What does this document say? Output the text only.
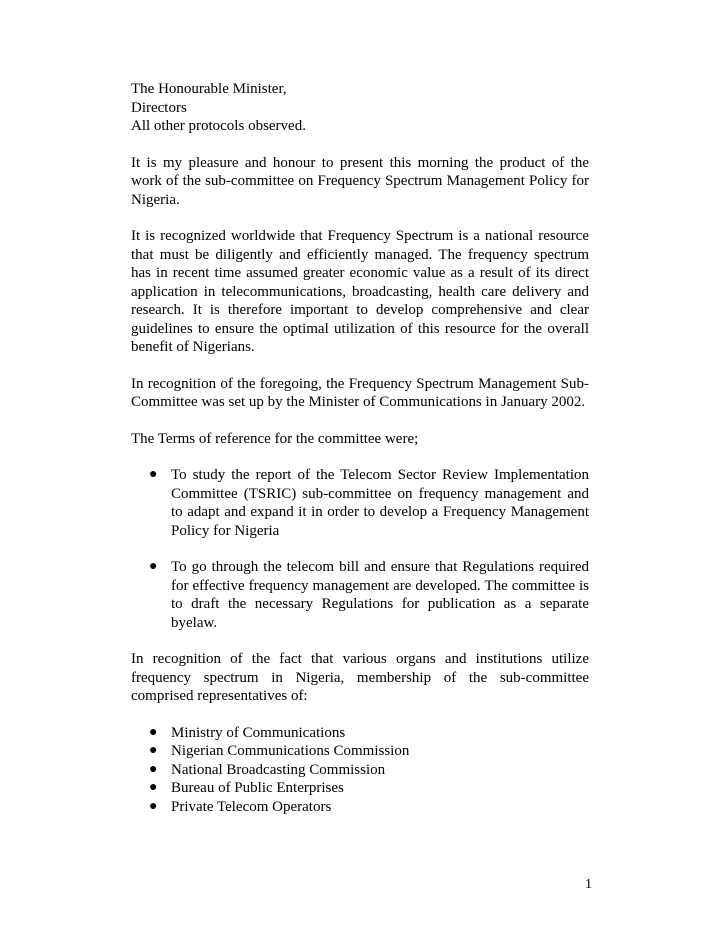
The Honourable Minister,

Directors

All other protocols observed.

It is my pleasure and honour to present this morning the product of the work of the sub-committee on Frequency Spectrum Management Policy for Nigeria.

It is recognized worldwide that Frequency Spectrum is a national resource that must be diligently and efficiently managed. The frequency spectrum has in recent time assumed greater economic value as a result of its direct application in telecommunications, broadcasting, health care delivery and research. It is therefore important to develop comprehensive and clear guidelines to ensure the optimal utilization of this resource for the overall benefit of Nigerians.

In recognition of the foregoing, the Frequency Spectrum Management Sub-Committee was set up by the Minister of Communications in January 2002.

The Terms of reference for the committee were;

● To study the report of the Telecom Sector Review Implementation Committee (TSRIC) sub-committee on frequency management and to adapt and expand it in order to develop a Frequency Management Policy for Nigeria
● To go through the telecom bill and ensure that Regulations required for effective frequency management are developed. The committee is to draft the necessary Regulations for publication as a separate byelaw.

In recognition of the fact that various organs and institutions utilize frequency spectrum in Nigeria, membership of the sub-committee comprised representatives of:

● Ministry of Communications
● Nigerian Communications Commission
● National Broadcasting Commission
● Bureau of Public Enterprises
● Private Telecom Operators
1
